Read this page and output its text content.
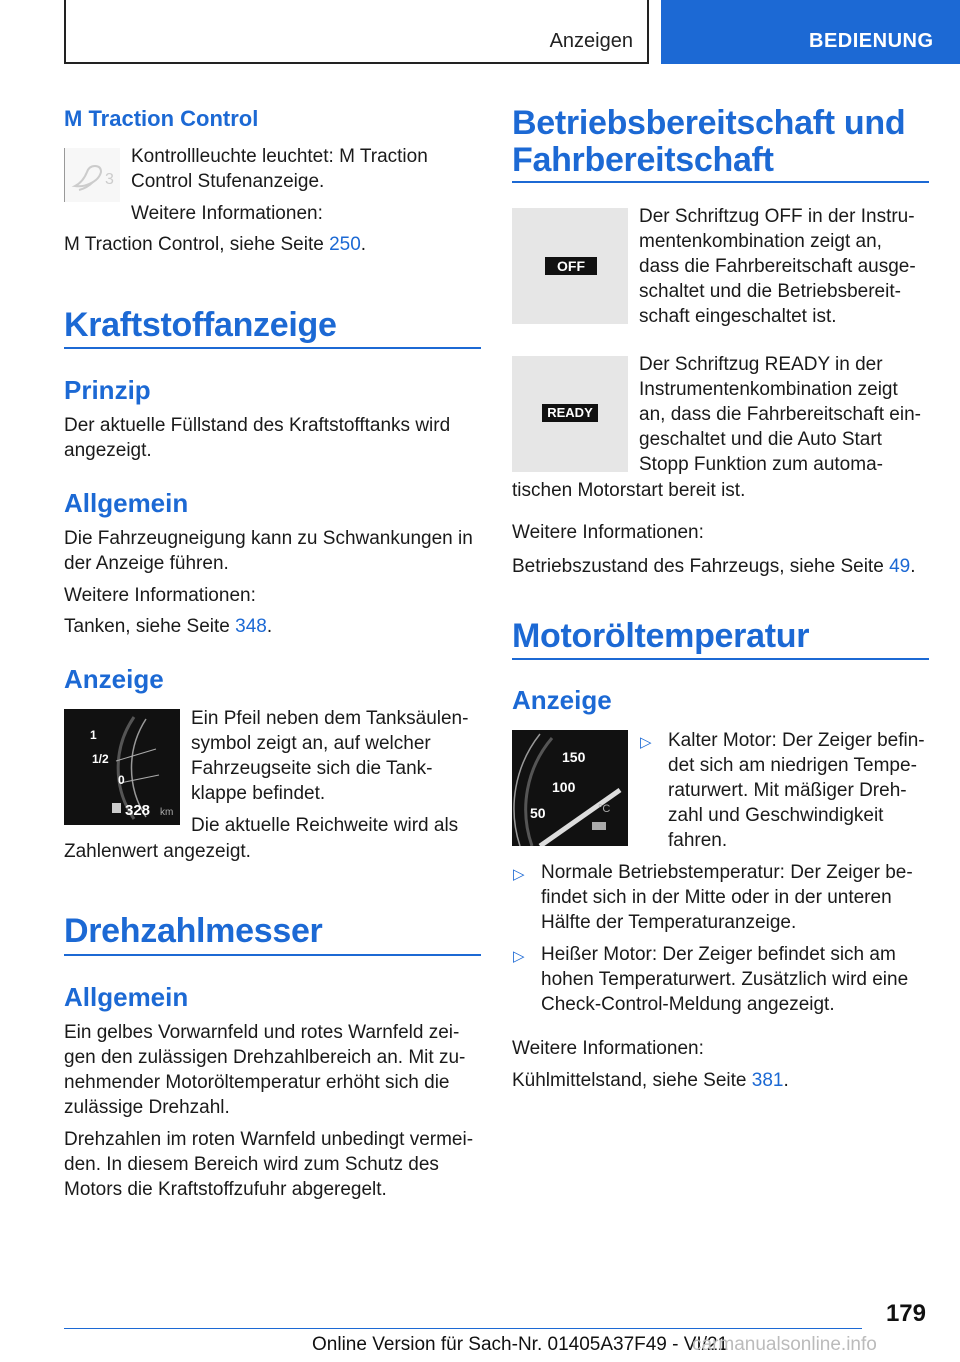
Anzeigen	BEDIENUNG
M Traction Control
3

Kontrollleuchte leuchtet: M Traction

Control Stufenanzeige.

Weitere Informationen:

M Traction Control, siehe Seite 250.

Kraftstoffanzeige
Prinzip

Der aktuelle Füllstand des Kraftstofftanks wird

angezeigt.

Allgemein

Die Fahrzeugneigung kann zu Schwankungen in

der Anzeige führen.

Weitere Informationen:

Tanken, siehe Seite 348.

Anzeige
1
1/2
0
328 km

Ein Pfeil neben dem Tanksäulen-

symbol zeigt an, auf welcher

Fahrzeugseite sich die Tank-

klappe befindet.

Die aktuelle Reichweite wird als

Zahlenwert angezeigt.

Drehzahlmesser
Allgemein

Ein gelbes Vorwarnfeld und rotes Warnfeld zei-

gen den zulässigen Drehzahlbereich an. Mit zu-

nehmender Motoröltemperatur erhöht sich die

zulässige Drehzahl.

Drehzahlen im roten Warnfeld unbedingt vermei-

den. In diesem Bereich wird zum Schutz des

Motors die Kraftstoffzufuhr abgeregelt.

Betriebsbereitschaft und
Fahrbereitschaft
OFF

Der Schriftzug OFF in der Instru-

mentenkombination zeigt an,

dass die Fahrbereitschaft ausge-

schaltet und die Betriebsbereit-

schaft eingeschaltet ist.

READY

Der Schriftzug READY in der

Instrumentenkombination zeigt

an, dass die Fahrbereitschaft ein-

geschaltet und die Auto Start

Stopp Funktion zum automa-

tischen Motorstart bereit ist.

Weitere Informationen:

Betriebszustand des Fahrzeugs, siehe Seite 49.

Motoröltemperatur
Anzeige
150
100
50	°C
▷ Kalter Motor: Der Zeiger befin-

det sich am niedrigen Tempe-

raturwert. Mit mäßiger Dreh-

zahl und Geschwindigkeit

fahren.

▷ Normale Betriebstemperatur: Der Zeiger be-

findet sich in der Mitte oder in der unteren

Hälfte der Temperaturanzeige.

▷ Heißer Motor: Der Zeiger befindet sich am

hohen Temperaturwert. Zusätzlich wird eine

Check-Control-Meldung angezeigt.

Weitere Informationen:

Kühlmittelstand, siehe Seite 381.

179
Online Version für Sach-Nr. 01405A37F49 - VI/21
carmanualsonline.info
